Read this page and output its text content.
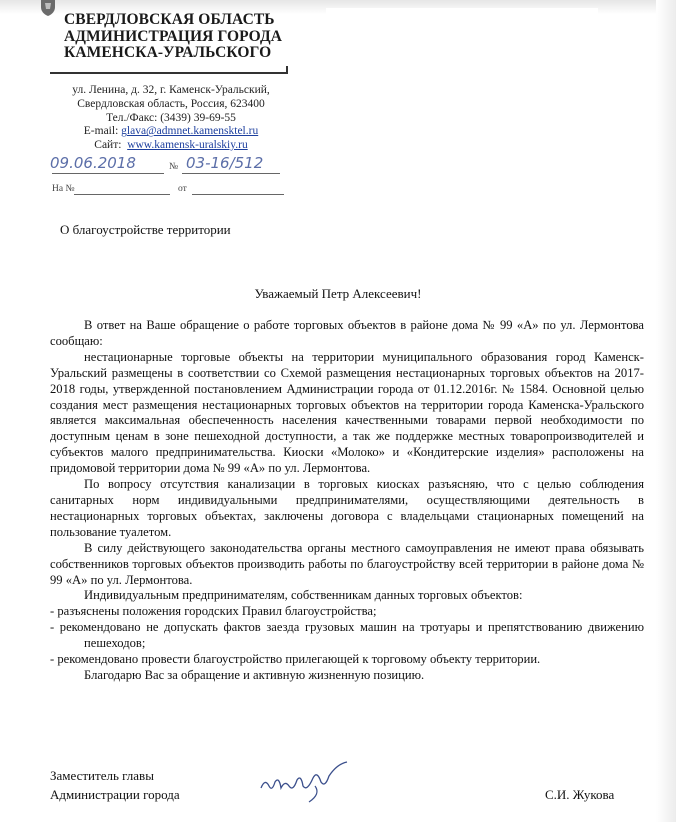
СВЕРДЛОВСКАЯ ОБЛАСТЬ
АДМИНИСТРАЦИЯ ГОРОДА
КАМЕНСКА-УРАЛЬСКОГО
ул. Ленина, д. 32, г. Каменск-Уральский,
Свердловская область, Россия, 623400
Тел./Факс: (3439) 39-69-55
E-mail: glava@admnet.kamensktel.ru
Сайт: www.kamensk-uralskiy.ru
09.06.2018	№ 03-16/512
На №	от
О благоустройстве территории
Уважаемый Петр Алексеевич!

В ответ на Ваше обращение о работе торговых объектов в районе дома № 99 «А» по ул. Лермонтова сообщаю:

нестационарные торговые объекты на территории муниципального образования город Каменск-Уральский размещены в соответствии со Схемой размещения нестационарных торговых объектов на 2017-2018 годы, утвержденной постановлением Администрации города от 01.12.2016г. № 1584. Основной целью создания мест размещения нестационарных торговых объектов на территории города Каменска-Уральского является максимальная обеспеченность населения качественными товарами первой необходимости по доступным ценам в зоне пешеходной доступности, а так же поддержке местных товаропроизводителей и субъектов малого предпринимательства. Киоски «Молоко» и «Кондитерские изделия» расположены на придомовой территории дома № 99 «А» по ул. Лермонтова.

По вопросу отсутствия канализации в торговых киосках разъясняю, что с целью соблюдения санитарных норм индивидуальными предпринимателями, осуществляющими деятельность в нестационарных торговых объектах, заключены договора с владельцами стационарных помещений на пользование туалетом.

В силу действующего законодательства органы местного самоуправления не имеют права обязывать собственников торговых объектов производить работы по благоустройству всей территории в районе дома № 99 «А» по ул. Лермонтова.

Индивидуальным предпринимателям, собственникам данных торговых объектов:

- разъяснены положения городских Правил благоустройства;

- рекомендовано не допускать фактов заезда грузовых машин на тротуары и препятствованию движению пешеходов;

- рекомендовано провести благоустройство прилегающей к торговому объекту территории.

Благодарю Вас за обращение и активную жизненную позицию.

Заместитель главы
Администрации города	С.И. Жукова
